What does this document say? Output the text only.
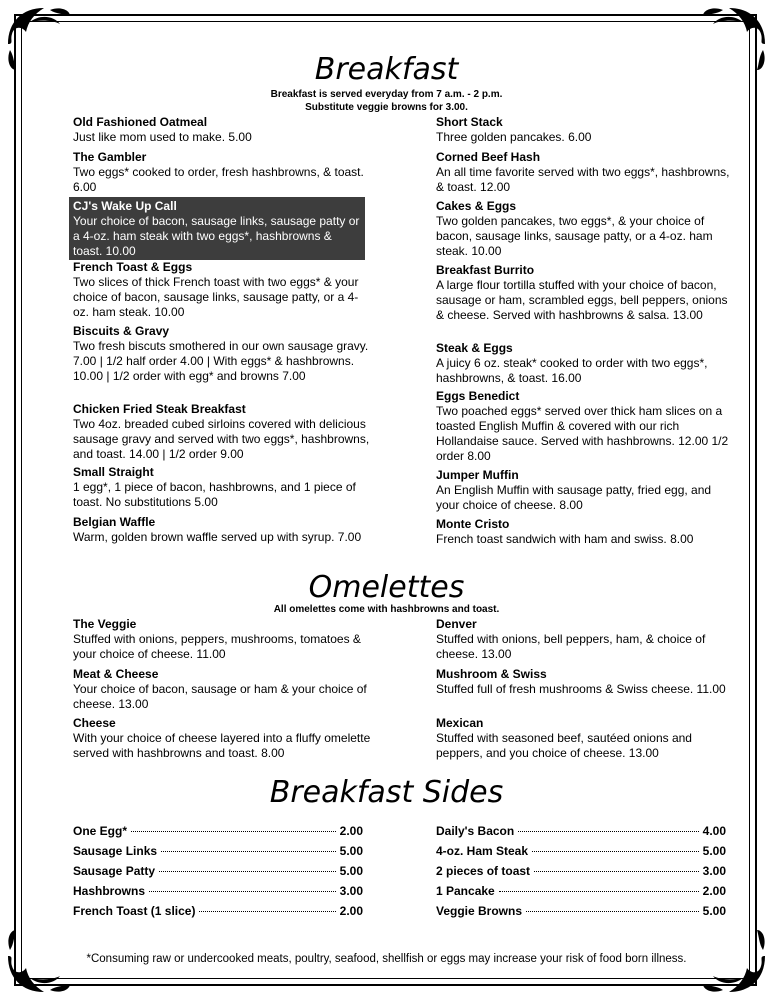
Breakfast
Breakfast is served everyday from 7 a.m. - 2 p.m.
Substitute veggie browns for 3.00.
Old Fashioned Oatmeal
Just like mom used to make. 5.00
The Gambler
Two eggs* cooked to order, fresh hashbrowns, & toast. 6.00
CJ's Wake Up Call
Your choice of bacon, sausage links, sausage patty or a 4-oz. ham steak with two eggs*, hashbrowns & toast. 10.00
French Toast & Eggs
Two slices of thick French toast with two eggs* & your choice of bacon, sausage links, sausage patty, or a 4-oz. ham steak. 10.00
Biscuits & Gravy
Two fresh biscuts smothered in our own sausage gravy. 7.00 | 1/2 half order 4.00 | With eggs* & hashbrowns. 10.00 | 1/2 order with egg* and browns 7.00
Chicken Fried Steak Breakfast
Two 4oz. breaded cubed sirloins covered with delicious sausage gravy and served with two eggs*, hashbrowns, and toast. 14.00 | 1/2 order 9.00
Small Straight
1 egg*, 1 piece of bacon, hashbrowns, and 1 piece of toast. No substitutions 5.00
Belgian Waffle
Warm, golden brown waffle served up with syrup. 7.00
Short Stack
Three golden pancakes. 6.00
Corned Beef Hash
An all time favorite served with two eggs*, hashbrowns, & toast. 12.00
Cakes & Eggs
Two golden pancakes, two eggs*, & your choice of bacon, sausage links, sausage patty, or a 4-oz. ham steak. 10.00
Breakfast Burrito
A large flour tortilla stuffed with your choice of bacon, sausage or ham, scrambled eggs, bell peppers, onions & cheese. Served with hashbrowns & salsa. 13.00
Steak & Eggs
A juicy 6 oz. steak* cooked to order with two eggs*, hashbrowns, & toast. 16.00
Eggs Benedict
Two poached eggs* served over thick ham slices on a toasted English Muffin & covered with our rich Hollandaise sauce. Served with hashbrowns. 12.00 1/2 order 8.00
Jumper Muffin
An English Muffin with sausage patty, fried egg, and your choice of cheese. 8.00
Monte Cristo
French toast sandwich with ham and swiss. 8.00
Omelettes
All omelettes come with hashbrowns and toast.
The Veggie
Stuffed with onions, peppers, mushrooms, tomatoes & your choice of cheese. 11.00
Meat & Cheese
Your choice of bacon, sausage or ham & your choice of cheese. 13.00
Cheese
With your choice of cheese layered into a fluffy omelette served with hashbrowns and toast. 8.00
Denver
Stuffed with onions, bell peppers, ham, & choice of cheese. 13.00
Mushroom & Swiss
Stuffed full of fresh mushrooms & Swiss cheese. 11.00
Mexican
Stuffed with seasoned beef, sautéed onions and peppers, and you choice of cheese. 13.00
Breakfast Sides
One Egg*	2.00
Sausage Links	5.00
Sausage Patty	5.00
Hashbrowns	3.00
French Toast (1 slice)	2.00
Daily's Bacon	4.00
4-oz. Ham Steak	5.00
2 pieces of toast	3.00
1 Pancake	2.00
Veggie Browns	5.00
*Consuming raw or undercooked meats, poultry, seafood, shellfish or eggs may increase your risk of food born illness.
